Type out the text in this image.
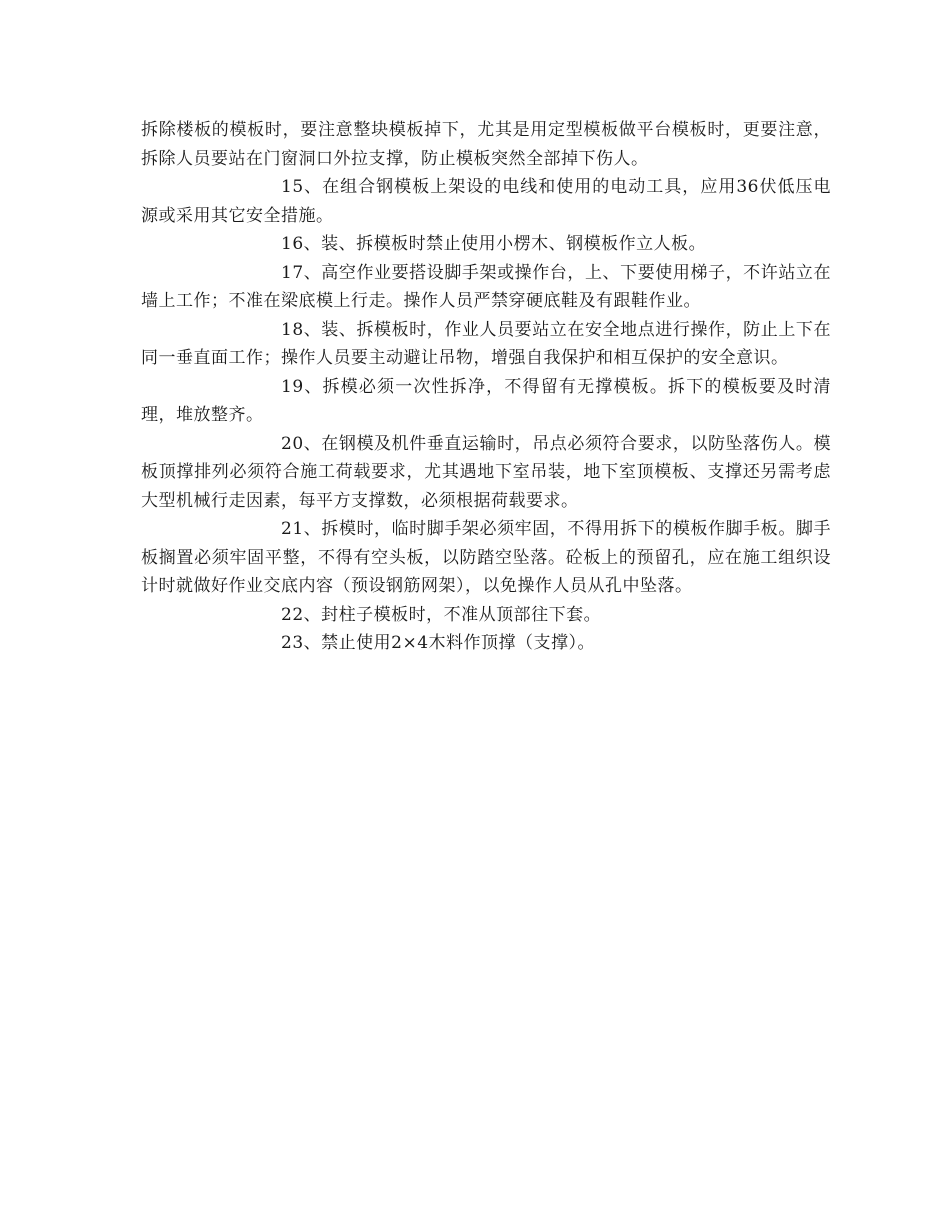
拆除楼板的模板时，要注意整块模板掉下，尤其是用定型模板做平台模板时，更要注意，拆除人员要站在门窗洞口外拉支撑，防止模板突然全部掉下伤人。

15、在组合钢模板上架设的电线和使用的电动工具，应用36伏低压电源或采用其它安全措施。

16、装、拆模板时禁止使用小楞木、钢模板作立人板。

17、高空作业要搭设脚手架或操作台，上、下要使用梯子，不许站立在墙上工作；不准在梁底模上行走。操作人员严禁穿硬底鞋及有跟鞋作业。

18、装、拆模板时，作业人员要站立在安全地点进行操作，防止上下在同一垂直面工作；操作人员要主动避让吊物，增强自我保护和相互保护的安全意识。

19、拆模必须一次性拆净，不得留有无撑模板。拆下的模板要及时清理，堆放整齐。

20、在钢模及机件垂直运输时，吊点必须符合要求，以防坠落伤人。模板顶撑排列必须符合施工荷载要求，尤其遇地下室吊装，地下室顶模板、支撑还另需考虑大型机械行走因素，每平方支撑数，必须根据荷载要求。

21、拆模时，临时脚手架必须牢固，不得用拆下的模板作脚手板。脚手板搁置必须牢固平整，不得有空头板，以防踏空坠落。砼板上的预留孔，应在施工组织设计时就做好作业交底内容（预设钢筋网架），以免操作人员从孔中坠落。

22、封柱子模板时，不准从顶部往下套。

23、禁止使用2×4木料作顶撑（支撑）。
